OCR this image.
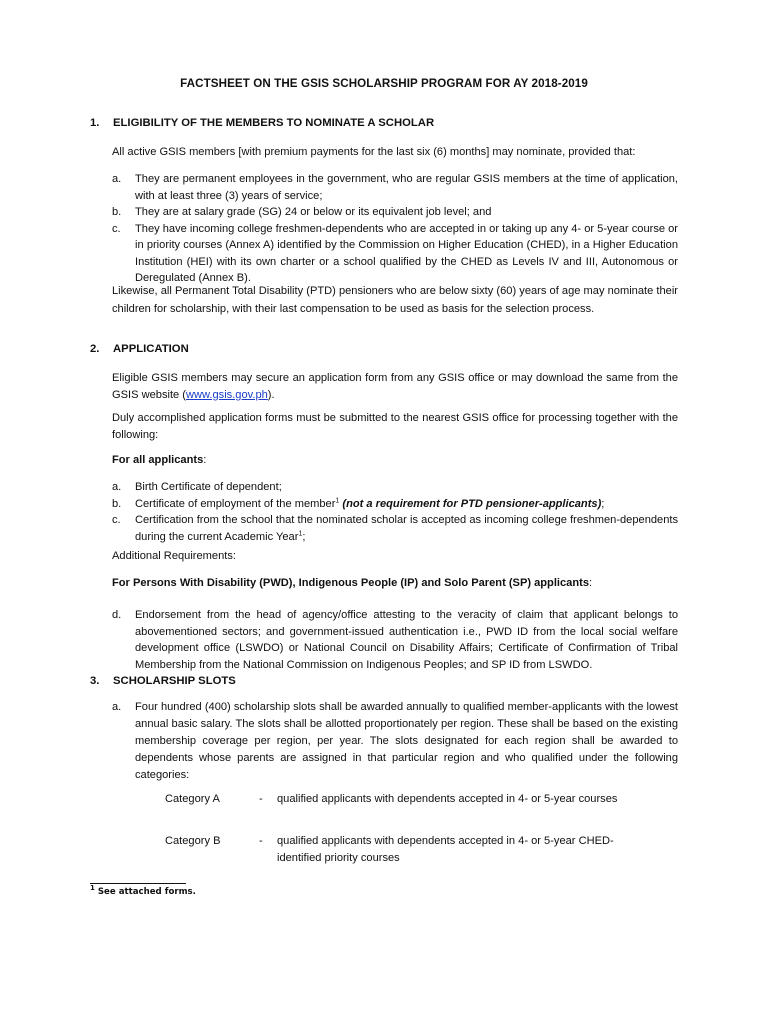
FACTSHEET ON THE GSIS SCHOLARSHIP PROGRAM FOR AY 2018-2019
1. ELIGIBILITY OF THE MEMBERS TO NOMINATE A SCHOLAR
All active GSIS members [with premium payments for the last six (6) months] may nominate, provided that:
a. They are permanent employees in the government, who are regular GSIS members at the time of application, with at least three (3) years of service;
b. They are at salary grade (SG) 24 or below or its equivalent job level; and
c. They have incoming college freshmen-dependents who are accepted in or taking up any 4- or 5-year course or in priority courses (Annex A) identified by the Commission on Higher Education (CHED), in a Higher Education Institution (HEI) with its own charter or a school qualified by the CHED as Levels IV and III, Autonomous or Deregulated (Annex B).
Likewise, all Permanent Total Disability (PTD) pensioners who are below sixty (60) years of age may nominate their children for scholarship, with their last compensation to be used as basis for the selection process.
2. APPLICATION
Eligible GSIS members may secure an application form from any GSIS office or may download the same from the GSIS website (www.gsis.gov.ph).
Duly accomplished application forms must be submitted to the nearest GSIS office for processing together with the following:
For all applicants:
a. Birth Certificate of dependent;
b. Certificate of employment of the member$^1$ (not a requirement for PTD pensioner-applicants);
c. Certification from the school that the nominated scholar is accepted as incoming college freshmen-dependents during the current Academic Year$^1$;
Additional Requirements:
For Persons With Disability (PWD), Indigenous People (IP) and Solo Parent (SP) applicants:
d. Endorsement from the head of agency/office attesting to the veracity of claim that applicant belongs to abovementioned sectors; and government-issued authentication i.e., PWD ID from the local social welfare development office (LSWDO) or National Council on Disability Affairs; Certificate of Confirmation of Tribal Membership from the National Commission on Indigenous Peoples; and SP ID from LSWDO.
3. SCHOLARSHIP SLOTS
a. Four hundred (400) scholarship slots shall be awarded annually to qualified member-applicants with the lowest annual basic salary. The slots shall be allotted proportionately per region. These shall be based on the existing membership coverage per region, per year. The slots designated for each region shall be awarded to dependents whose parents are assigned in that particular region and who qualified under the following categories:
Category A	- qualified applicants with dependents accepted in 4- or 5-year courses
Category B	- qualified applicants with dependents accepted in 4- or 5-year CHED-identified priority courses
$^1$ See attached forms.
